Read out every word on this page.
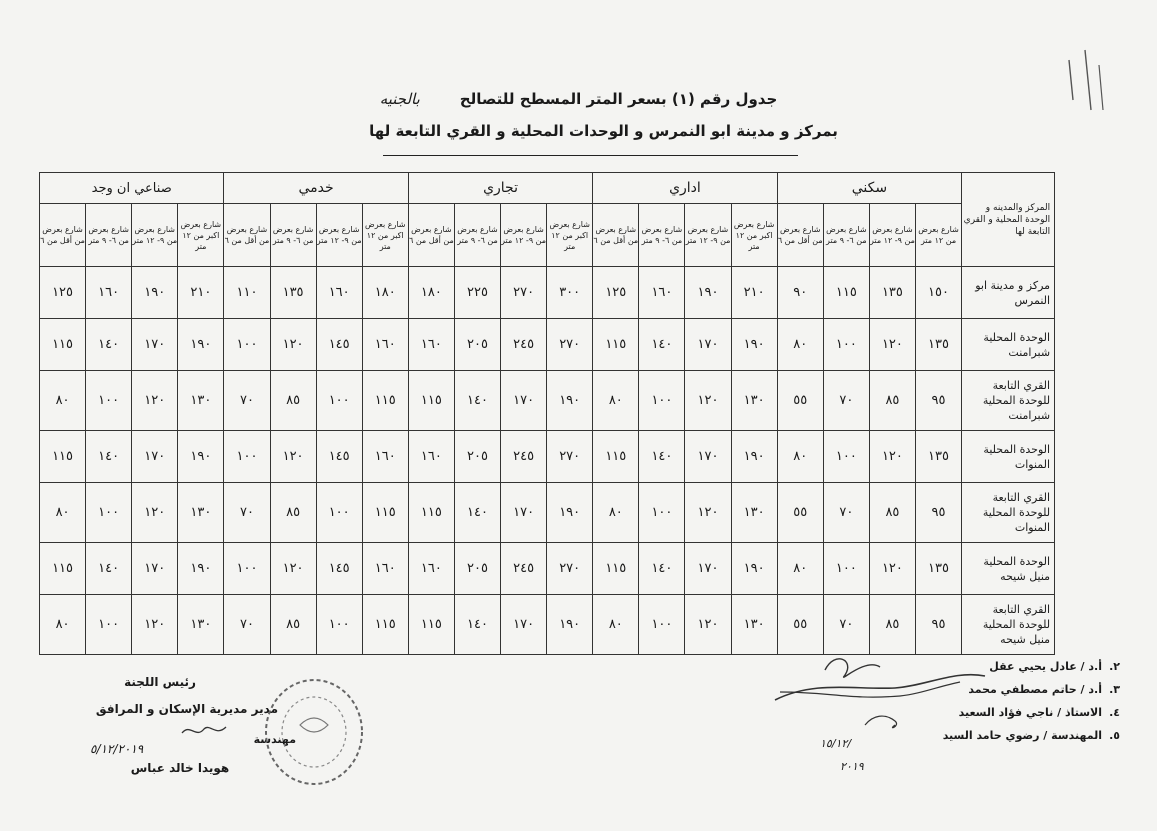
جدول رقم (١) بسعر المتر المسطح للتصالحبالجنيه
بمركز و مدينة ابو النمرس و الوحدات المحلية و القري التابعة لها
المركز والمدينه و الوحدة المحلية و القري التابعة لها	سكني				اداري				تجاري				خدمي				صناعي ان وجد			
	شارع بعرض من ١٢ متر	شارع بعرض من ٩- ١٢ متر	شارع بعرض من ٦- ٩ متر	شارع بعرض من أقل من ٦	شارع بعرض اكبر من ١٢ متر	شارع بعرض من ٩- ١٢ متر	شارع بعرض من ٦- ٩ متر	شارع بعرض من أقل من ٦	شارع بعرض اكبر من ١٢ متر	شارع بعرض من ٩- ١٢ متر	شارع بعرض من ٦- ٩ متر	شارع بعرض من أقل من ٦	شارع بعرض اكبر من ١٢ متر	شارع بعرض من ٩- ١٢ متر	شارع بعرض من ٦- ٩ متر	شارع بعرض من أقل من ٦	شارع بعرض اكبر من ١٢ متر	شارع بعرض من ٩- ١٢ متر	شارع بعرض من ٦- ٩ متر	شارع بعرض من أقل من ٦
مركز و مدينة ابو النمرس	١٥٠	١٣٥	١١٥	٩٠	٢١٠	١٩٠	١٦٠	١٢٥	٣٠٠	٢٧٠	٢٢٥	١٨٠	١٨٠	١٦٠	١٣٥	١١٠	٢١٠	١٩٠	١٦٠	١٢٥
الوحدة المحلية شبرامنت	١٣٥	١٢٠	١٠٠	٨٠	١٩٠	١٧٠	١٤٠	١١٥	٢٧٠	٢٤٥	٢٠٥	١٦٠	١٦٠	١٤٥	١٢٠	١٠٠	١٩٠	١٧٠	١٤٠	١١٥
القري التابعة للوحدة المحلية شبرامنت	٩٥	٨٥	٧٠	٥٥	١٣٠	١٢٠	١٠٠	٨٠	١٩٠	١٧٠	١٤٠	١١٥	١١٥	١٠٠	٨٥	٧٠	١٣٠	١٢٠	١٠٠	٨٠
الوحدة المحلية المنوات	١٣٥	١٢٠	١٠٠	٨٠	١٩٠	١٧٠	١٤٠	١١٥	٢٧٠	٢٤٥	٢٠٥	١٦٠	١٦٠	١٤٥	١٢٠	١٠٠	١٩٠	١٧٠	١٤٠	١١٥
القري التابعة للوحدة المحلية المنوات	٩٥	٨٥	٧٠	٥٥	١٣٠	١٢٠	١٠٠	٨٠	١٩٠	١٧٠	١٤٠	١١٥	١١٥	١٠٠	٨٥	٧٠	١٣٠	١٢٠	١٠٠	٨٠
الوحدة المحلية منيل شيحه	١٣٥	١٢٠	١٠٠	٨٠	١٩٠	١٧٠	١٤٠	١١٥	٢٧٠	٢٤٥	٢٠٥	١٦٠	١٦٠	١٤٥	١٢٠	١٠٠	١٩٠	١٧٠	١٤٠	١١٥
القري التابعة للوحدة المحلية منيل شيحه	٩٥	٨٥	٧٠	٥٥	١٣٠	١٢٠	١٠٠	٨٠	١٩٠	١٧٠	١٤٠	١١٥	١١٥	١٠٠	٨٥	٧٠	١٣٠	١٢٠	١٠٠	٨٠
٢.أ.د / عادل يحيي عقل
٣.أ.د / حاتم مصطفي محمد
٤.الاستاذ / ناجي فؤاد السعيد
٥.المهندسة / رضوي حامد السيد
رئيس اللجنة
مدير مديرية الإسكان و المرافق
مهندسة
هويدا خالد عباس
٥/١٢/٢٠١٩	١٥/١٢/
٢٠١٩
